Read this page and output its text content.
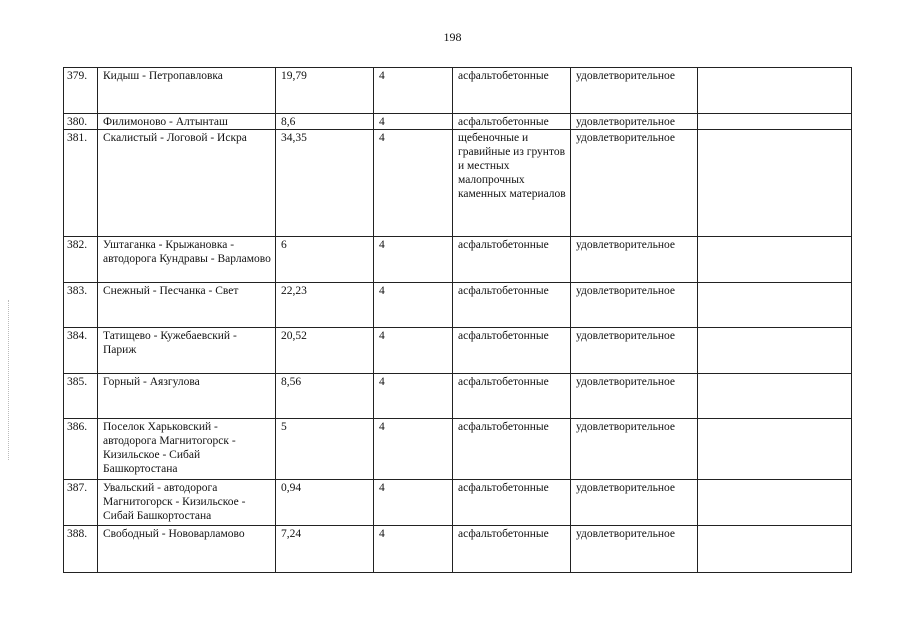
198
379.	Кидыш - Петропавловка	19,79	4	асфальтобетонные	удовлетворительное	
380.	Филимоново - Алтынташ	8,6	4	асфальтобетонные	удовлетворительное	
381.	Скалистый - Логовой - Искра	34,35	4	щебеночные и гравийные из грунтов и местных малопрочных каменных материалов	удовлетворительное	
382.	Уштаганка - Крыжановка - автодорога Кундравы - Варламово	6	4	асфальтобетонные	удовлетворительное	
383.	Снежный - Песчанка - Свет	22,23	4	асфальтобетонные	удовлетворительное	
384.	Татищево - Кужебаевский - Париж	20,52	4	асфальтобетонные	удовлетворительное	
385.	Горный - Аязгулова	8,56	4	асфальтобетонные	удовлетворительное	
386.	Поселок Харьковский - автодорога Магнитогорск - Кизильское - Сибай Башкортостана	5	4	асфальтобетонные	удовлетворительное	
387.	Увальский - автодорога Магнитогорск - Кизильское - Сибай Башкортостана	0,94	4	асфальтобетонные	удовлетворительное	
388.	Свободный - Нововарламово	7,24	4	асфальтобетонные	удовлетворительное	
